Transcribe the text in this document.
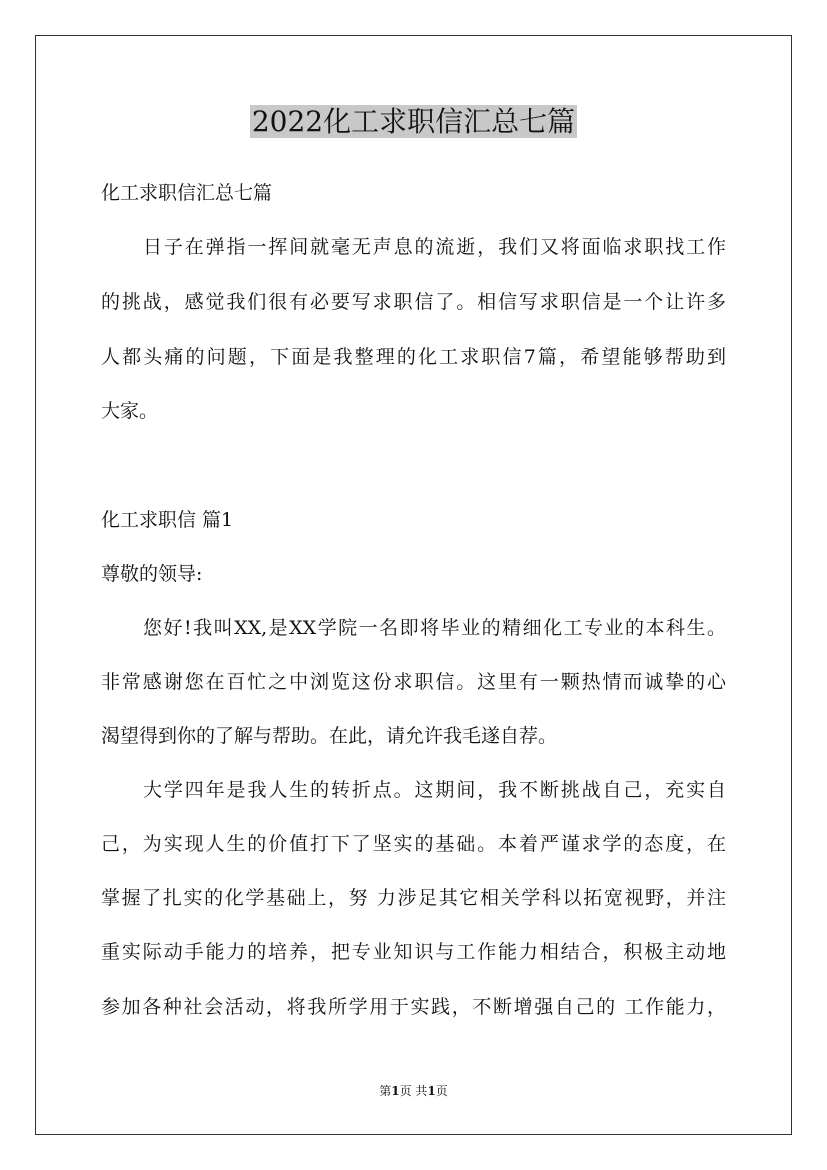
2022化工求职信汇总七篇

化工求职信汇总七篇

日子在弹指一挥间就毫无声息的流逝，我们又将面临求职找工作

的挑战，感觉我们很有必要写求职信了。相信写求职信是一个让许多

人都头痛的问题，下面是我整理的化工求职信7篇，希望能够帮助到

大家。

化工求职信 篇1

尊敬的领导:

您好!我叫XX,是XX学院一名即将毕业的精细化工专业的本科生。

非常感谢您在百忙之中浏览这份求职信。这里有一颗热情而诚挚的心

渴望得到你的了解与帮助。在此，请允许我毛遂自荐。

大学四年是我人生的转折点。这期间，我不断挑战自己，充实自

己，为实现人生的价值打下了坚实的基础。本着严谨求学的态度，在

掌握了扎实的化学基础上，努 力涉足其它相关学科以拓宽视野，并注

重实际动手能力的培养，把专业知识与工作能力相结合，积极主动地

参加各种社会活动，将我所学用于实践，不断增强自己的 工作能力，

第1页 共1页
